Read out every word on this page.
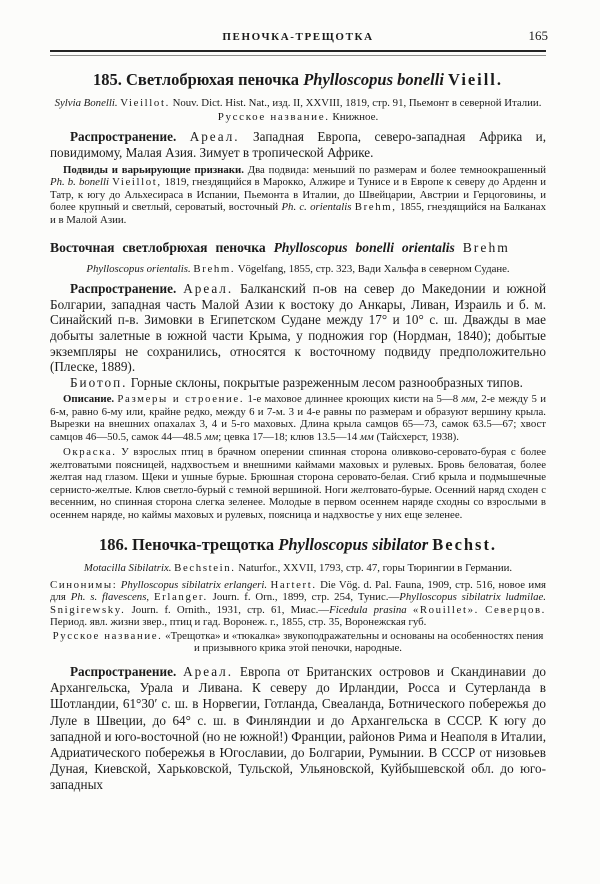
ПЕНОЧКА-ТРЕЩОТКА	165
185. Светлобрюхая пеночка Phylloscopus bonelli Vieill.
Sylvia Bonelli. Vieillot. Nouv. Dict. Hist. Nat., изд. II, XXVIII, 1819, стр. 91, Пьемонт в северной Италии.
Русское название. Книжное.
Распространение. Ареал. Западная Европа, северо-западная Африка и, повидимому, Малая Азия. Зимует в тропической Африке.
Подвиды и варьирующие признаки. Два подвида: меньший по размерам и более темноокрашенный Ph. b. bonelli Vieillot, 1819, гнездящийся в Марокко, Алжире и Тунисе и в Европе к северу до Арденн и Татр, к югу до Альхесираса в Испании, Пьемонта в Италии, до Швейцарии, Австрии и Герцоговины, и более крупный и светлый, сероватый, восточный Ph. c. orientalis Brehm, 1855, гнездящийся на Балканах и в Малой Азии.
Восточная светлобрюхая пеночка Phylloscopus bonelli orientalis Brehm
Phylloscopus orientalis. Brehm. Vögelfang, 1855, стр. 323, Вади Хальфа в северном Судане.
Распространение. Ареал. Балканский п-ов на север до Македонии и южной Болгарии, западная часть Малой Азии к востоку до Анкары, Ливан, Израиль и б. м. Синайский п-в. Зимовки в Египетском Судане между 17° и 10° с. ш. Дважды в мае добыты залетные в южной части Крыма, у подножия гор (Нордман, 1840); добытые экземпляры не сохранились, относятся к восточному подвиду предположительно (Плеске, 1889).
Биотоп. Горные склоны, покрытые разреженным лесом разнообразных типов.
Описание. Размеры и строение. 1-е маховое длиннее кроющих кисти на 5—8 мм, 2-е между 5 и 6-м, равно 6-му или, крайне редко, между 6 и 7-м. 3 и 4-е равны по размерам и образуют вершину крыла. Вырезки на внешних опахалах 3, 4 и 5-го маховых. Длина крыла самцов 65—73, самок 63.5—67; хвост самцов 46—50.5, самок 44—48.5 мм; цевка 17—18; клюв 13.5—14 мм (Тайсхерст, 1938).
Окраска. У взрослых птиц в брачном оперении спинная сторона оливково-серовато-бурая с более желтоватыми поясницей, надхвостьем и внешними каймами маховых и рулевых. Бровь беловатая, более желтая над глазом. Щеки и ушные бурые. Брюшная сторона серовато-белая. Сгиб крыла и подмышечные сернисто-желтые. Клюв светло-бурый с темной вершиной. Ноги желтовато-бурые. Осенний наряд сходен с весенним, но спинная сторона слегка зеленее. Молодые в первом осеннем наряде сходны со взрослыми в осеннем наряде, но каймы маховых и рулевых, поясница и надхвостье у них еще зеленее.
186. Пеночка-трещотка Phylloscopus sibilator Bechst.
Motacilla Sibilatrix. Bechstein. Naturfor., XXVII, 1793, стр. 47, горы Тюрингии в Германии.
Синонимы: Phylloscopus sibilatrix erlangeri. Hartert. Die Vög. d. Pal. Fauna, 1909, стр. 516, новое имя для Ph. s. flavescens, Erlanger. Journ. f. Orn., 1899, стр. 254, Тунис.—Phylloscopus sibilatrix ludmilae. Snigirewsky. Journ. f. Ornith., 1931, стр. 61, Миас.—Ficedula prasina «Rouillet». Северцов. Период. явл. жизни звер., птиц и гад. Воронеж. г., 1855, стр. 35, Воронежская губ.
Русское название. «Трещотка» и «тюкалка» звукоподражательны и основаны на особенностях пения и призывного крика этой пеночки, народные.
Распространение. Ареал. Европа от Британских островов и Скандинавии до Архангельска, Урала и Ливана. К северу до Ирландии, Росса и Сутерланда в Шотландии, 61°30′ с. ш. в Норвегии, Готланда, Свеаланда, Ботнического побережья до Луле в Швеции, до 64° с. ш. в Финляндии и до Архангельска в СССР. К югу до западной и юго-восточной (но не южной!) Франции, районов Рима и Неаполя в Италии, Адриатического побережья в Югославии, до Болгарии, Румынии. В СССР от низовьев Дуная, Киевской, Харьковской, Тульской, Ульяновской, Куйбышевской обл. до юго-западных
